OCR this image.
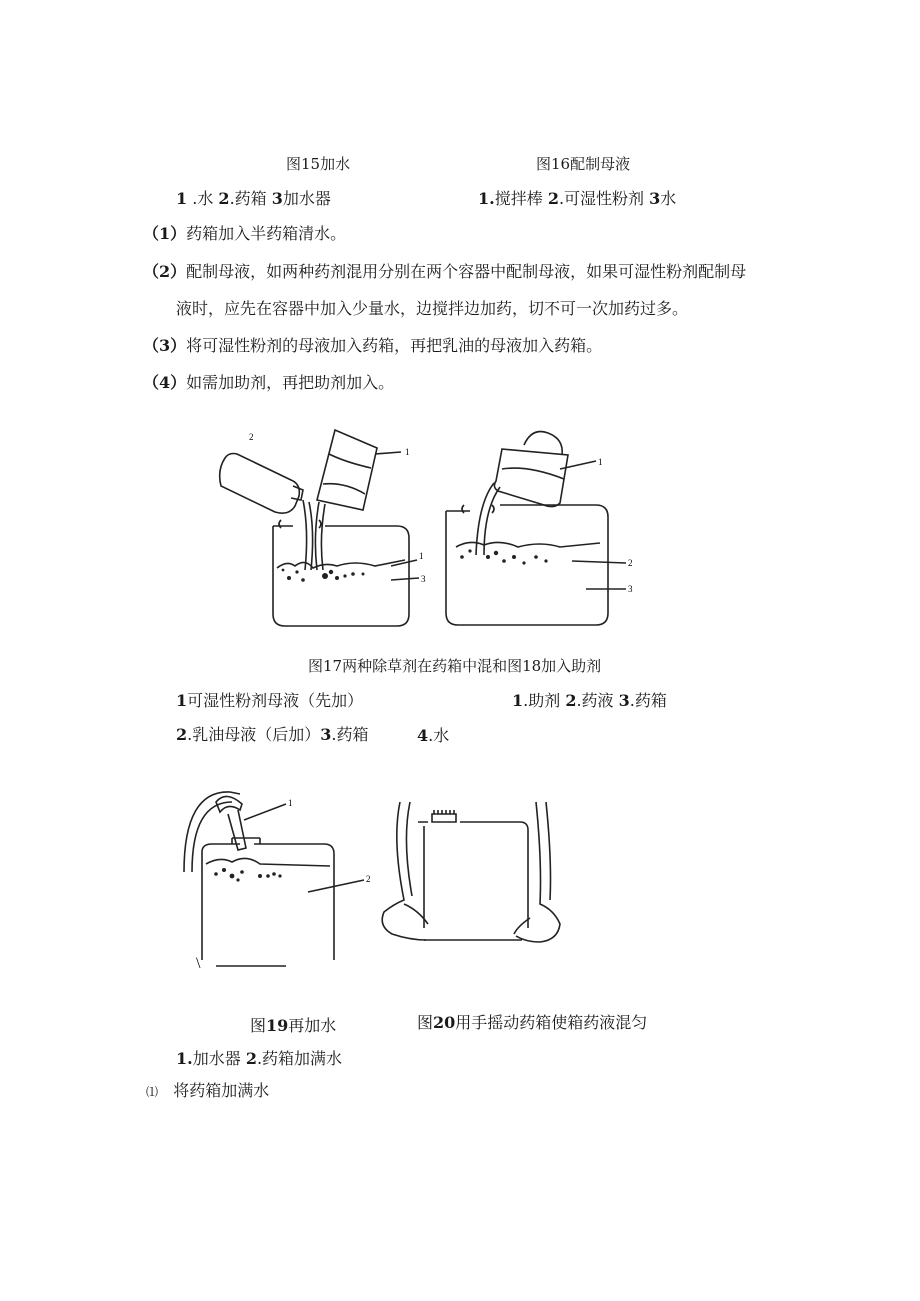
图15加水	图16配制母液
1 .水 2.药箱 3加水器	1.搅拌棒 2.可湿性粉剂 3水
（1）药箱加入半药箱清水。
（2）配制母液，如两种药剂混用分别在两个容器中配制母液，如果可湿性粉剂配制母
液时，应先在容器中加入少量水，边搅拌边加药，切不可一次加药过多。
（3）将可湿性粉剂的母液加入药箱，再把乳油的母液加入药箱。
（4）如需加助剂，再把助剂加入。
2
1
1
3
1
2
3
图17两种除草剂在药箱中混和图18加入助剂
1可湿性粉剂母液（先加）	1.助剂 2.药液 3.药箱
2.乳油母液（后加）3.药箱	4.水
1
2
\
图19再加水	图20用手摇动药箱使箱药液混匀
1.加水器 2.药箱加满水
⑴ 将药箱加满水
